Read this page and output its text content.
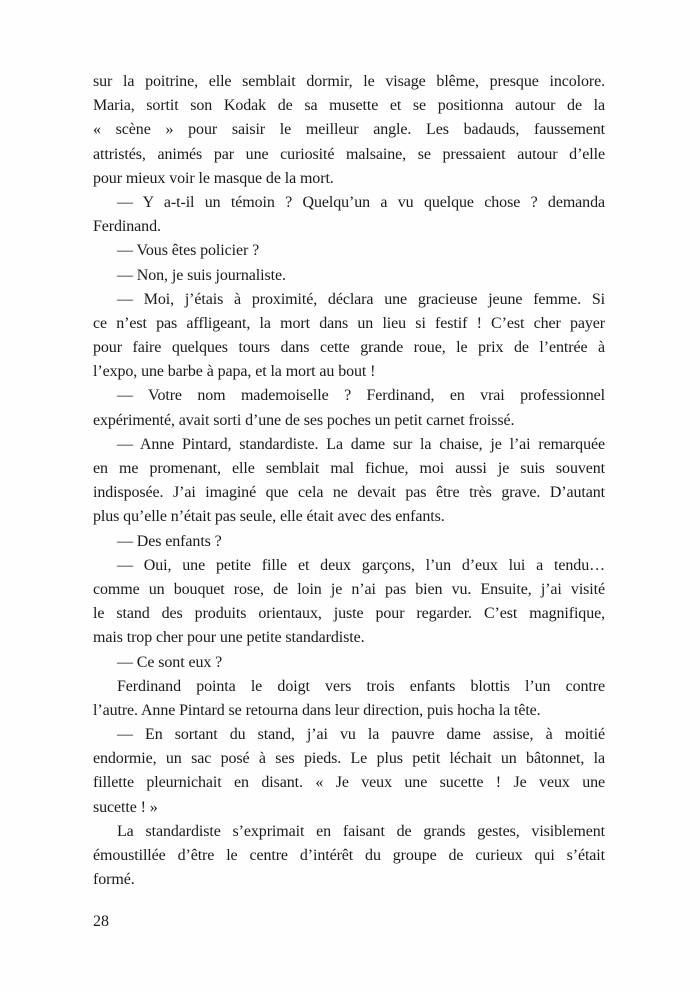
sur la poitrine, elle semblait dormir, le visage blême, presque incolore.
Maria, sortit son Kodak de sa musette et se positionna autour de la
« scène » pour saisir le meilleur angle. Les badauds, faussement
attristés, animés par une curiosité malsaine, se pressaient autour d’elle
pour mieux voir le masque de la mort.
— Y a-t-il un témoin ? Quelqu’un a vu quelque chose ? demanda
Ferdinand.
— Vous êtes policier ?
— Non, je suis journaliste.
— Moi, j’étais à proximité, déclara une gracieuse jeune femme. Si
ce n’est pas affligeant, la mort dans un lieu si festif ! C’est cher payer
pour faire quelques tours dans cette grande roue, le prix de l’entrée à
l’expo, une barbe à papa, et la mort au bout !
— Votre nom mademoiselle ? Ferdinand, en vrai professionnel
expérimenté, avait sorti d’une de ses poches un petit carnet froissé.
— Anne Pintard, standardiste. La dame sur la chaise, je l’ai remarquée
en me promenant, elle semblait mal fichue, moi aussi je suis souvent
indisposée. J’ai imaginé que cela ne devait pas être très grave. D’autant
plus qu’elle n’était pas seule, elle était avec des enfants.
— Des enfants ?
— Oui, une petite fille et deux garçons, l’un d’eux lui a tendu…
comme un bouquet rose, de loin je n’ai pas bien vu. Ensuite, j’ai visité
le stand des produits orientaux, juste pour regarder. C’est magnifique,
mais trop cher pour une petite standardiste.
— Ce sont eux ?
Ferdinand pointa le doigt vers trois enfants blottis l’un contre
l’autre. Anne Pintard se retourna dans leur direction, puis hocha la tête.
— En sortant du stand, j’ai vu la pauvre dame assise, à moitié
endormie, un sac posé à ses pieds. Le plus petit léchait un bâtonnet, la
fillette pleurnichait en disant. « Je veux une sucette ! Je veux une
sucette ! »
La standardiste s’exprimait en faisant de grands gestes, visiblement
émoustillée d’être le centre d’intérêt du groupe de curieux qui s’était
formé.
28
